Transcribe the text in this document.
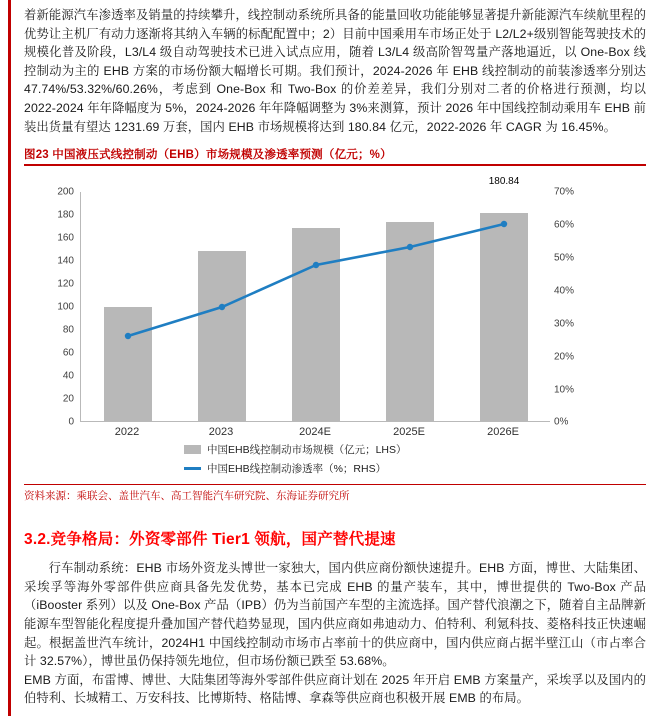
着新能源汽车渗透率及销量的持续攀升，线控制动系统所具备的能量回收功能能够显著提升新能源汽车续航里程的优势让主机厂有动力逐渐将其纳入车辆的标配配置中；2）目前中国乘用车市场正处于 L2/L2+级别智能驾驶技术的规模化普及阶段，L3/L4 级自动驾驶技术已进入试点应用，随着 L3/L4 级高阶智驾量产落地逼近，以 One-Box 线控制动为主的 EHB 方案的市场份额大幅增长可期。我们预计，2024-2026 年 EHB 线控制动的前装渗透率分别达 47.74%/53.32%/60.26%，考虑到 One-Box 和 Two-Box 的价差差异，我们分别对二者的价格进行预测，均以 2022-2024 年年降幅度为 5%，2024-2026 年年降幅调整为 3%来测算，预计 2026 年中国线控制动乘用车 EHB 前装出货量有望达 1231.69 万套，国内 EHB 市场规模将达到 180.84 亿元，2022-2026 年 CAGR 为 16.45%。
图23 中国液压式线控制动（EHB）市场规模及渗透率预测（亿元；%）
200
180
160
140
120
100
80
60
40
20
0
70%
60%
50%
40%
30%
20%
10%
0%
180.84
2022	2023	2024E	2025E	2026E
中国EHB线控制动市场规模（亿元；LHS）
中国EHB线控制动渗透率（%；RHS）
资料来源：乘联会、盖世汽车、高工智能汽车研究院、东海证券研究所
3.2.竞争格局：外资零部件 Tier1 领航，国产替代提速
行车制动系统：EHB 市场外资龙头博世一家独大，国内供应商份额快速提升。EHB 方面，博世、大陆集团、采埃孚等海外零部件供应商具备先发优势，基本已完成 EHB 的量产装车，其中，博世提供的 Two-Box 产品（iBooster 系列）以及 One-Box 产品（IPB）仍为当前国产车型的主流选择。国产替代浪潮之下，随着自主品牌新能源车型智能化程度提升叠加国产替代趋势显现，国内供应商如弗迪动力、伯特利、利氪科技、菱格科技正快速崛起。根据盖世汽车统计，2024H1 中国线控制动市场市占率前十的供应商中，国内供应商占据半壁江山（市占率合计 32.57%），博世虽仍保持领先地位，但市场份额已跌至 53.68%。
EMB 方面，布雷博、博世、大陆集团等海外零部件供应商计划在 2025 年开启 EMB 方案量产，采埃孚以及国内的伯特利、长城精工、万安科技、比博斯特、格陆博、拿森等供应商也积极开展 EMB 的布局。
